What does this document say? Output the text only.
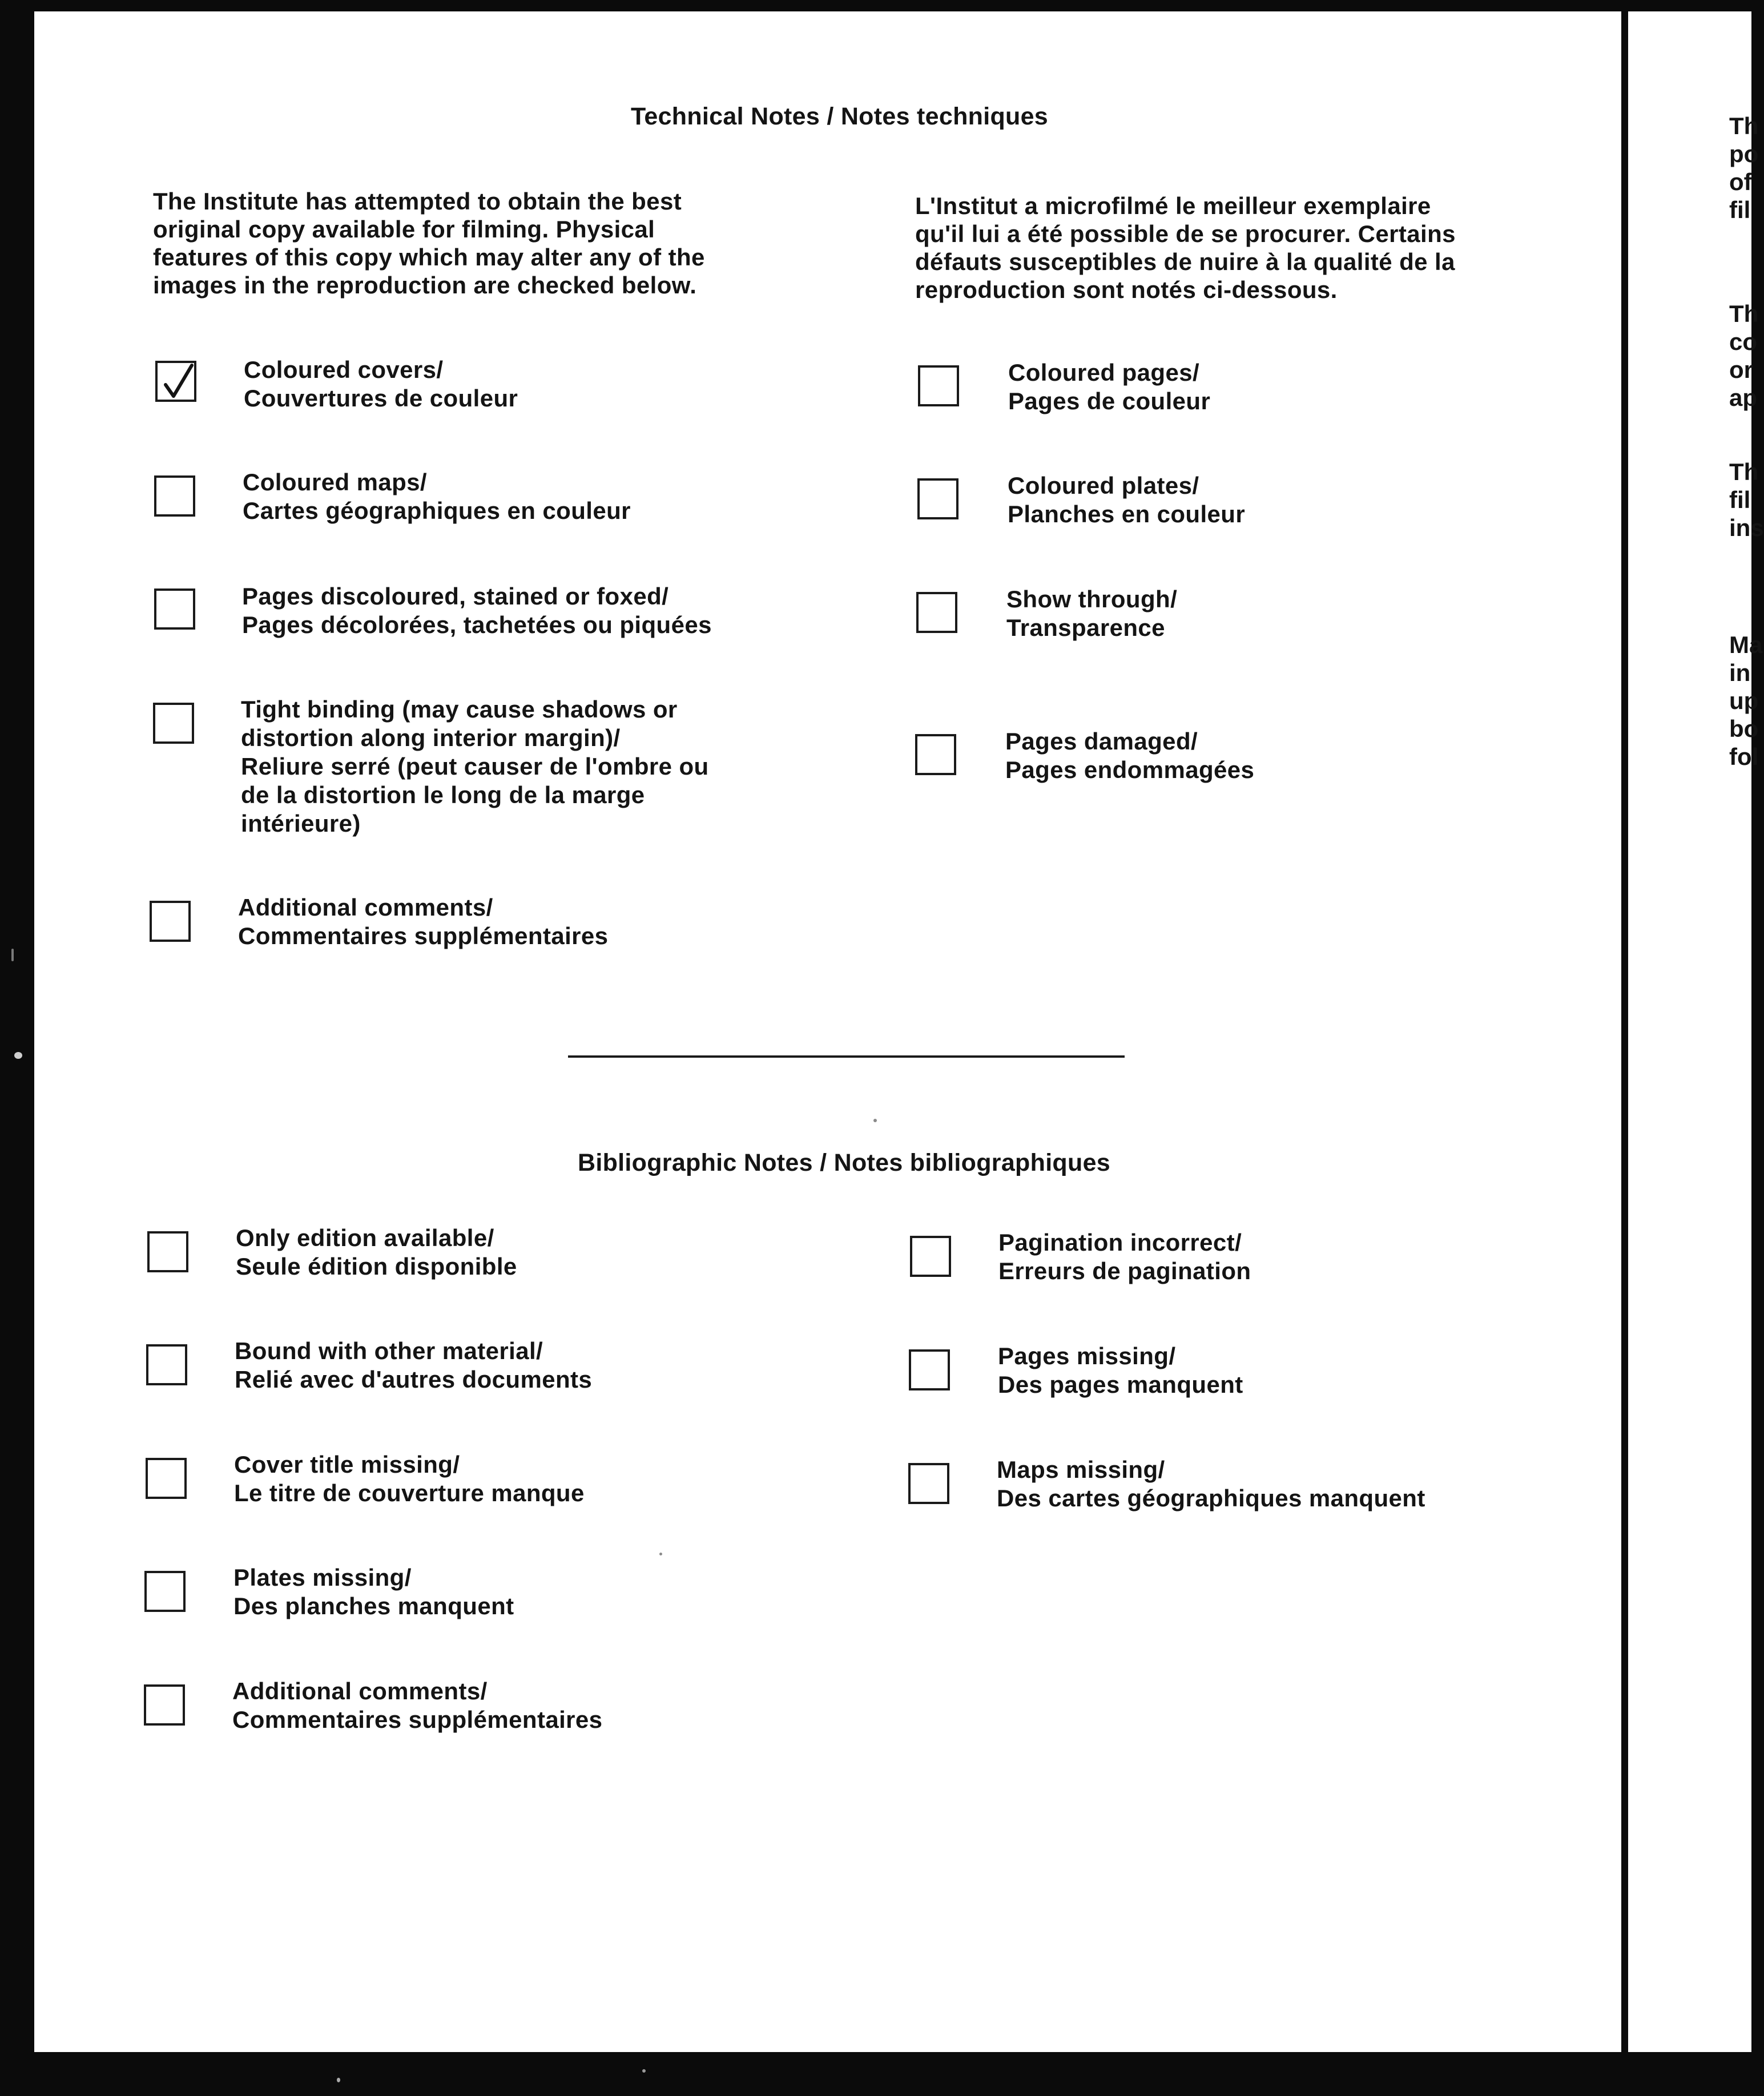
Technical Notes / Notes techniques
The Institute has attempted to obtain the best
original copy available for filming. Physical
features of this copy which may alter any of the
images in the reproduction are checked below.
L'Institut a microfilmé le meilleur exemplaire
qu'il lui a été possible de se procurer. Certains
défauts susceptibles de nuire à la qualité de la
reproduction sont notés ci-dessous.
Coloured covers/
Couvertures de couleur
Coloured maps/
Cartes géographiques en couleur
Pages discoloured, stained or foxed/
Pages décolorées, tachetées ou piquées
Tight binding (may cause shadows or
distortion along interior margin)/
Reliure serré (peut causer de l'ombre ou
de la distortion le long de la marge
intérieure)
Additional comments/
Commentaires supplémentaires
Coloured pages/
Pages de couleur
Coloured plates/
Planches en couleur
Show through/
Transparence
Pages damaged/
Pages endommagées
Bibliographic Notes / Notes bibliographiques
Only edition available/
Seule édition disponible
Bound with other material/
Relié avec d'autres documents
Cover title missing/
Le titre de couverture manque
Plates missing/
Des planches manquent
Additional comments/
Commentaires supplémentaires
Pagination incorrect/
Erreurs de pagination
Pages missing/
Des pages manquent
Maps missing/
Des cartes géographiques manquent
Th
po
of
fil
Th
co
or
ap
Th
fil
ins
Ma
in
up
bo
fol
